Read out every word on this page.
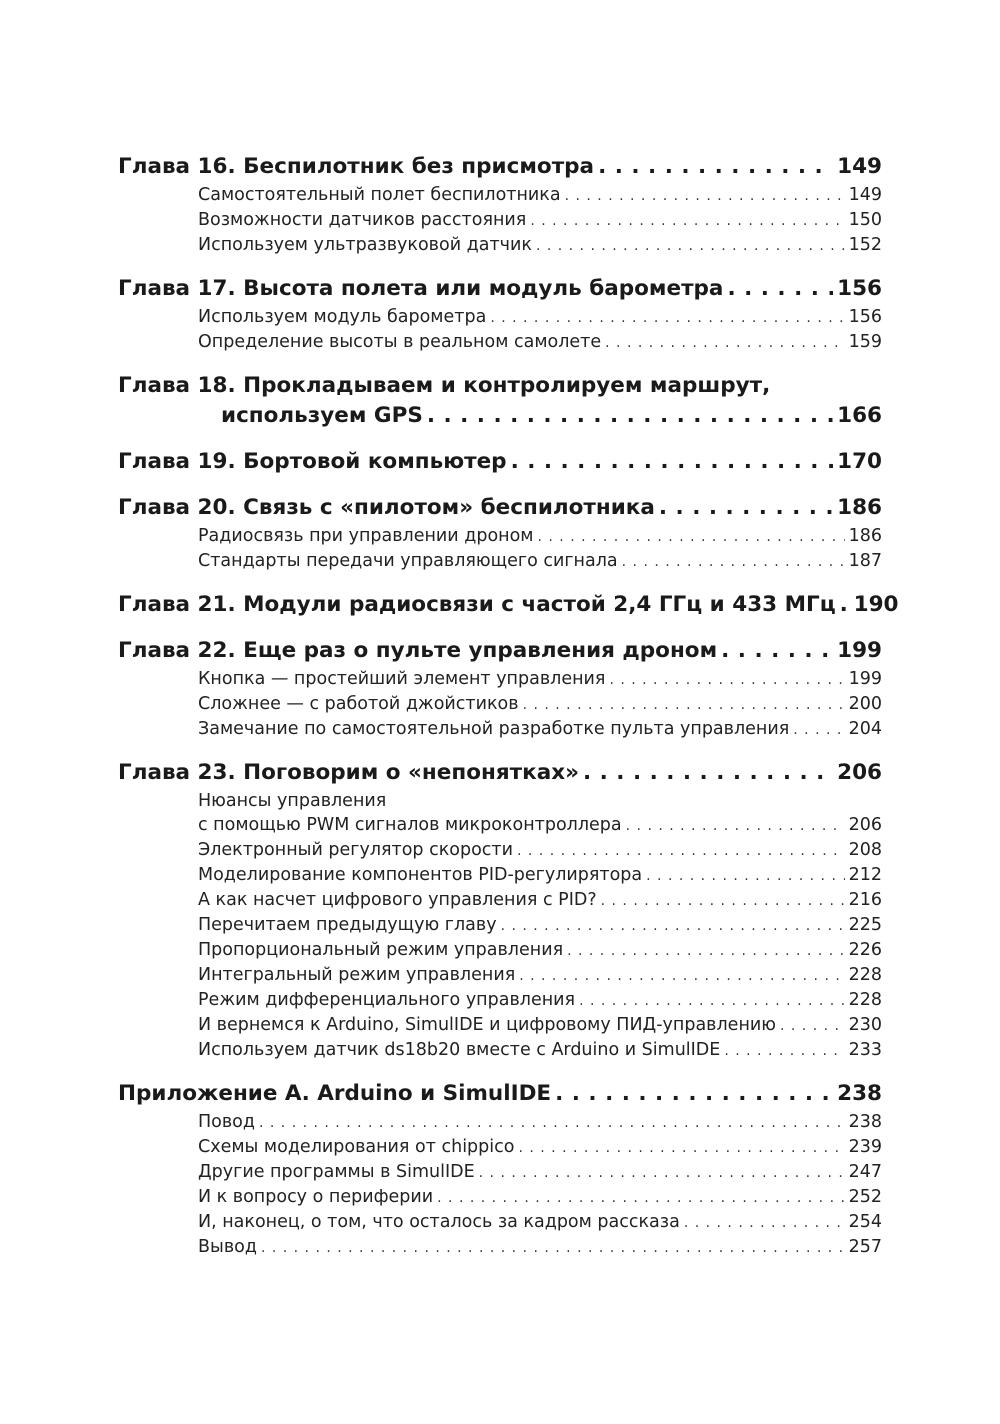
Глава 16. Беспилотник без присмотра . . .	149
Самостоятельный полет беспилотника . . .	149
Возможности датчиков расстояния . . .	150
Используем ультразвуковой датчик . . .	152
Глава 17. Высота полета или модуль барометра . . .	156
Используем модуль барометра . . .	156
Определение высоты в реальном самолете . . .	159
Глава 18. Прокладываем и контролируем маршрут,
используем GPS . . .	166
Глава 19. Бортовой компьютер . . .	170
Глава 20. Связь с «пилотом» беспилотника . . .	186
Радиосвязь при управлении дроном . . .	186
Стандарты передачи управляющего сигнала . . .	187
Глава 21. Модули радиосвязи с частой 2,4 ГГц и 433 МГц . . . 190
Глава 22. Еще раз о пульте управления дроном . . .	199
Кнопка — простейший элемент управления . . .	199
Сложнее — с работой джойстиков . . .	200
Замечание по самостоятельной разработке пульта управления . . .	204
Глава 23. Поговорим о «непонятках» . . .	206
Нюансы управления
с помощью PWM сигналов микроконтроллера . . .	206
Электронный регулятор скорости . . .	208
Моделирование компонентов PID-регулирятора . . .	212
А как насчет цифрового управления с PID? . . .	216
Перечитаем предыдущую главу . . .	225
Пропорциональный режим управления . . .	226
Интегральный режим управления . . .	228
Режим дифференциального управления . . .	228
И вернемся к Arduino, SimulIDE и цифровому ПИД-управлению . . .	230
Используем датчик ds18b20 вместе с Arduino и SimulIDE . . .	233
Приложение А. Arduino и SimulIDE . . .	238
Повод . . .	238
Схемы моделирования от chippico . . .	239
Другие программы в SimulIDE . . .	247
И к вопросу о периферии . . .	252
И, наконец, о том, что осталось за кадром рассказа . . .	254
Вывод . . .	257
